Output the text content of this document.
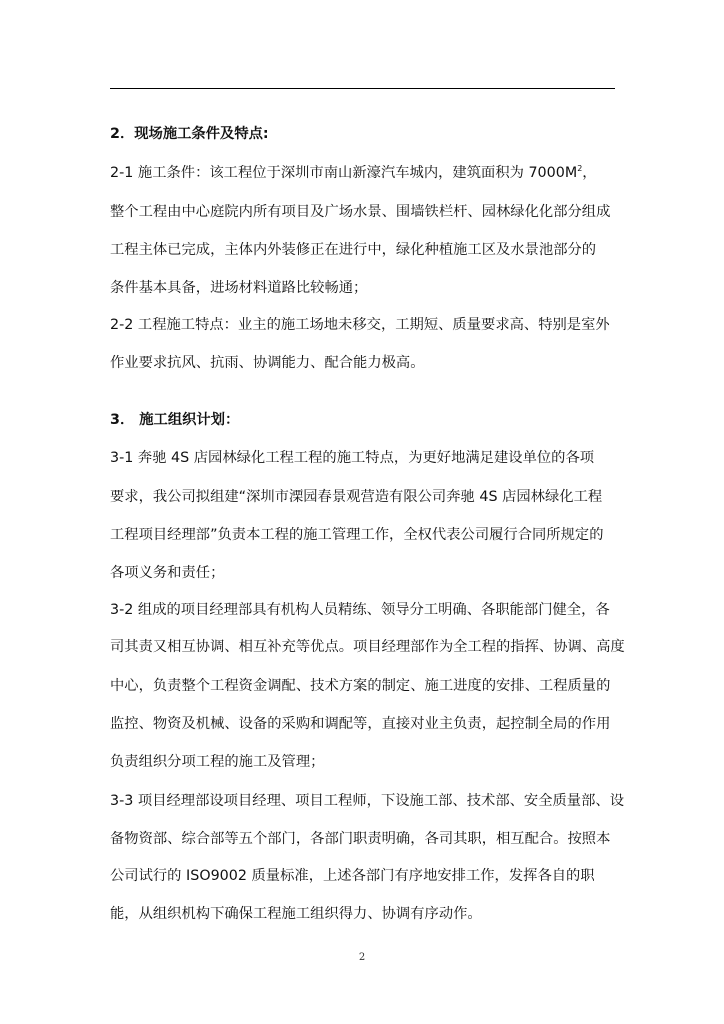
2．现场施工条件及特点:
2-1 施工条件：该工程位于深圳市南山新濠汽车城内，建筑面积为 $7000M^2$，
整个工程由中心庭院内所有项目及广场水景、围墙铁栏杆、园林绿化化部分组成
工程主体已完成，主体内外装修正在进行中，绿化种植施工区及水景池部分的
条件基本具备，进场材料道路比较畅通；
2-2 工程施工特点：业主的施工场地未移交，工期短、质量要求高、特别是室外
作业要求抗风、抗雨、协调能力、配合能力极高。
3． 施工组织计划：
3-1 奔驰 4S 店园林绿化工程工程的施工特点，为更好地满足建设单位的各项
要求，我公司拟组建“深圳市溧园春景观营造有限公司奔驰 4S 店园林绿化工程
工程项目经理部”负责本工程的施工管理工作，全权代表公司履行合同所规定的
各项义务和责任；
3-2 组成的项目经理部具有机构人员精练、领导分工明确、各职能部门健全，各
司其责又相互协调、相互补充等优点。项目经理部作为全工程的指挥、协调、高度
中心，负责整个工程资金调配、技术方案的制定、施工进度的安排、工程质量的
监控、物资及机械、设备的采购和调配等，直接对业主负责，起控制全局的作用
负责组织分项工程的施工及管理；
3-3 项目经理部设项目经理、项目工程师，下设施工部、技术部、安全质量部、设
备物资部、综合部等五个部门，各部门职责明确，各司其职，相互配合。按照本
公司试行的 ISO9002 质量标准，上述各部门有序地安排工作，发挥各自的职
能，从组织机构下确保工程施工组织得力、协调有序动作。
2
